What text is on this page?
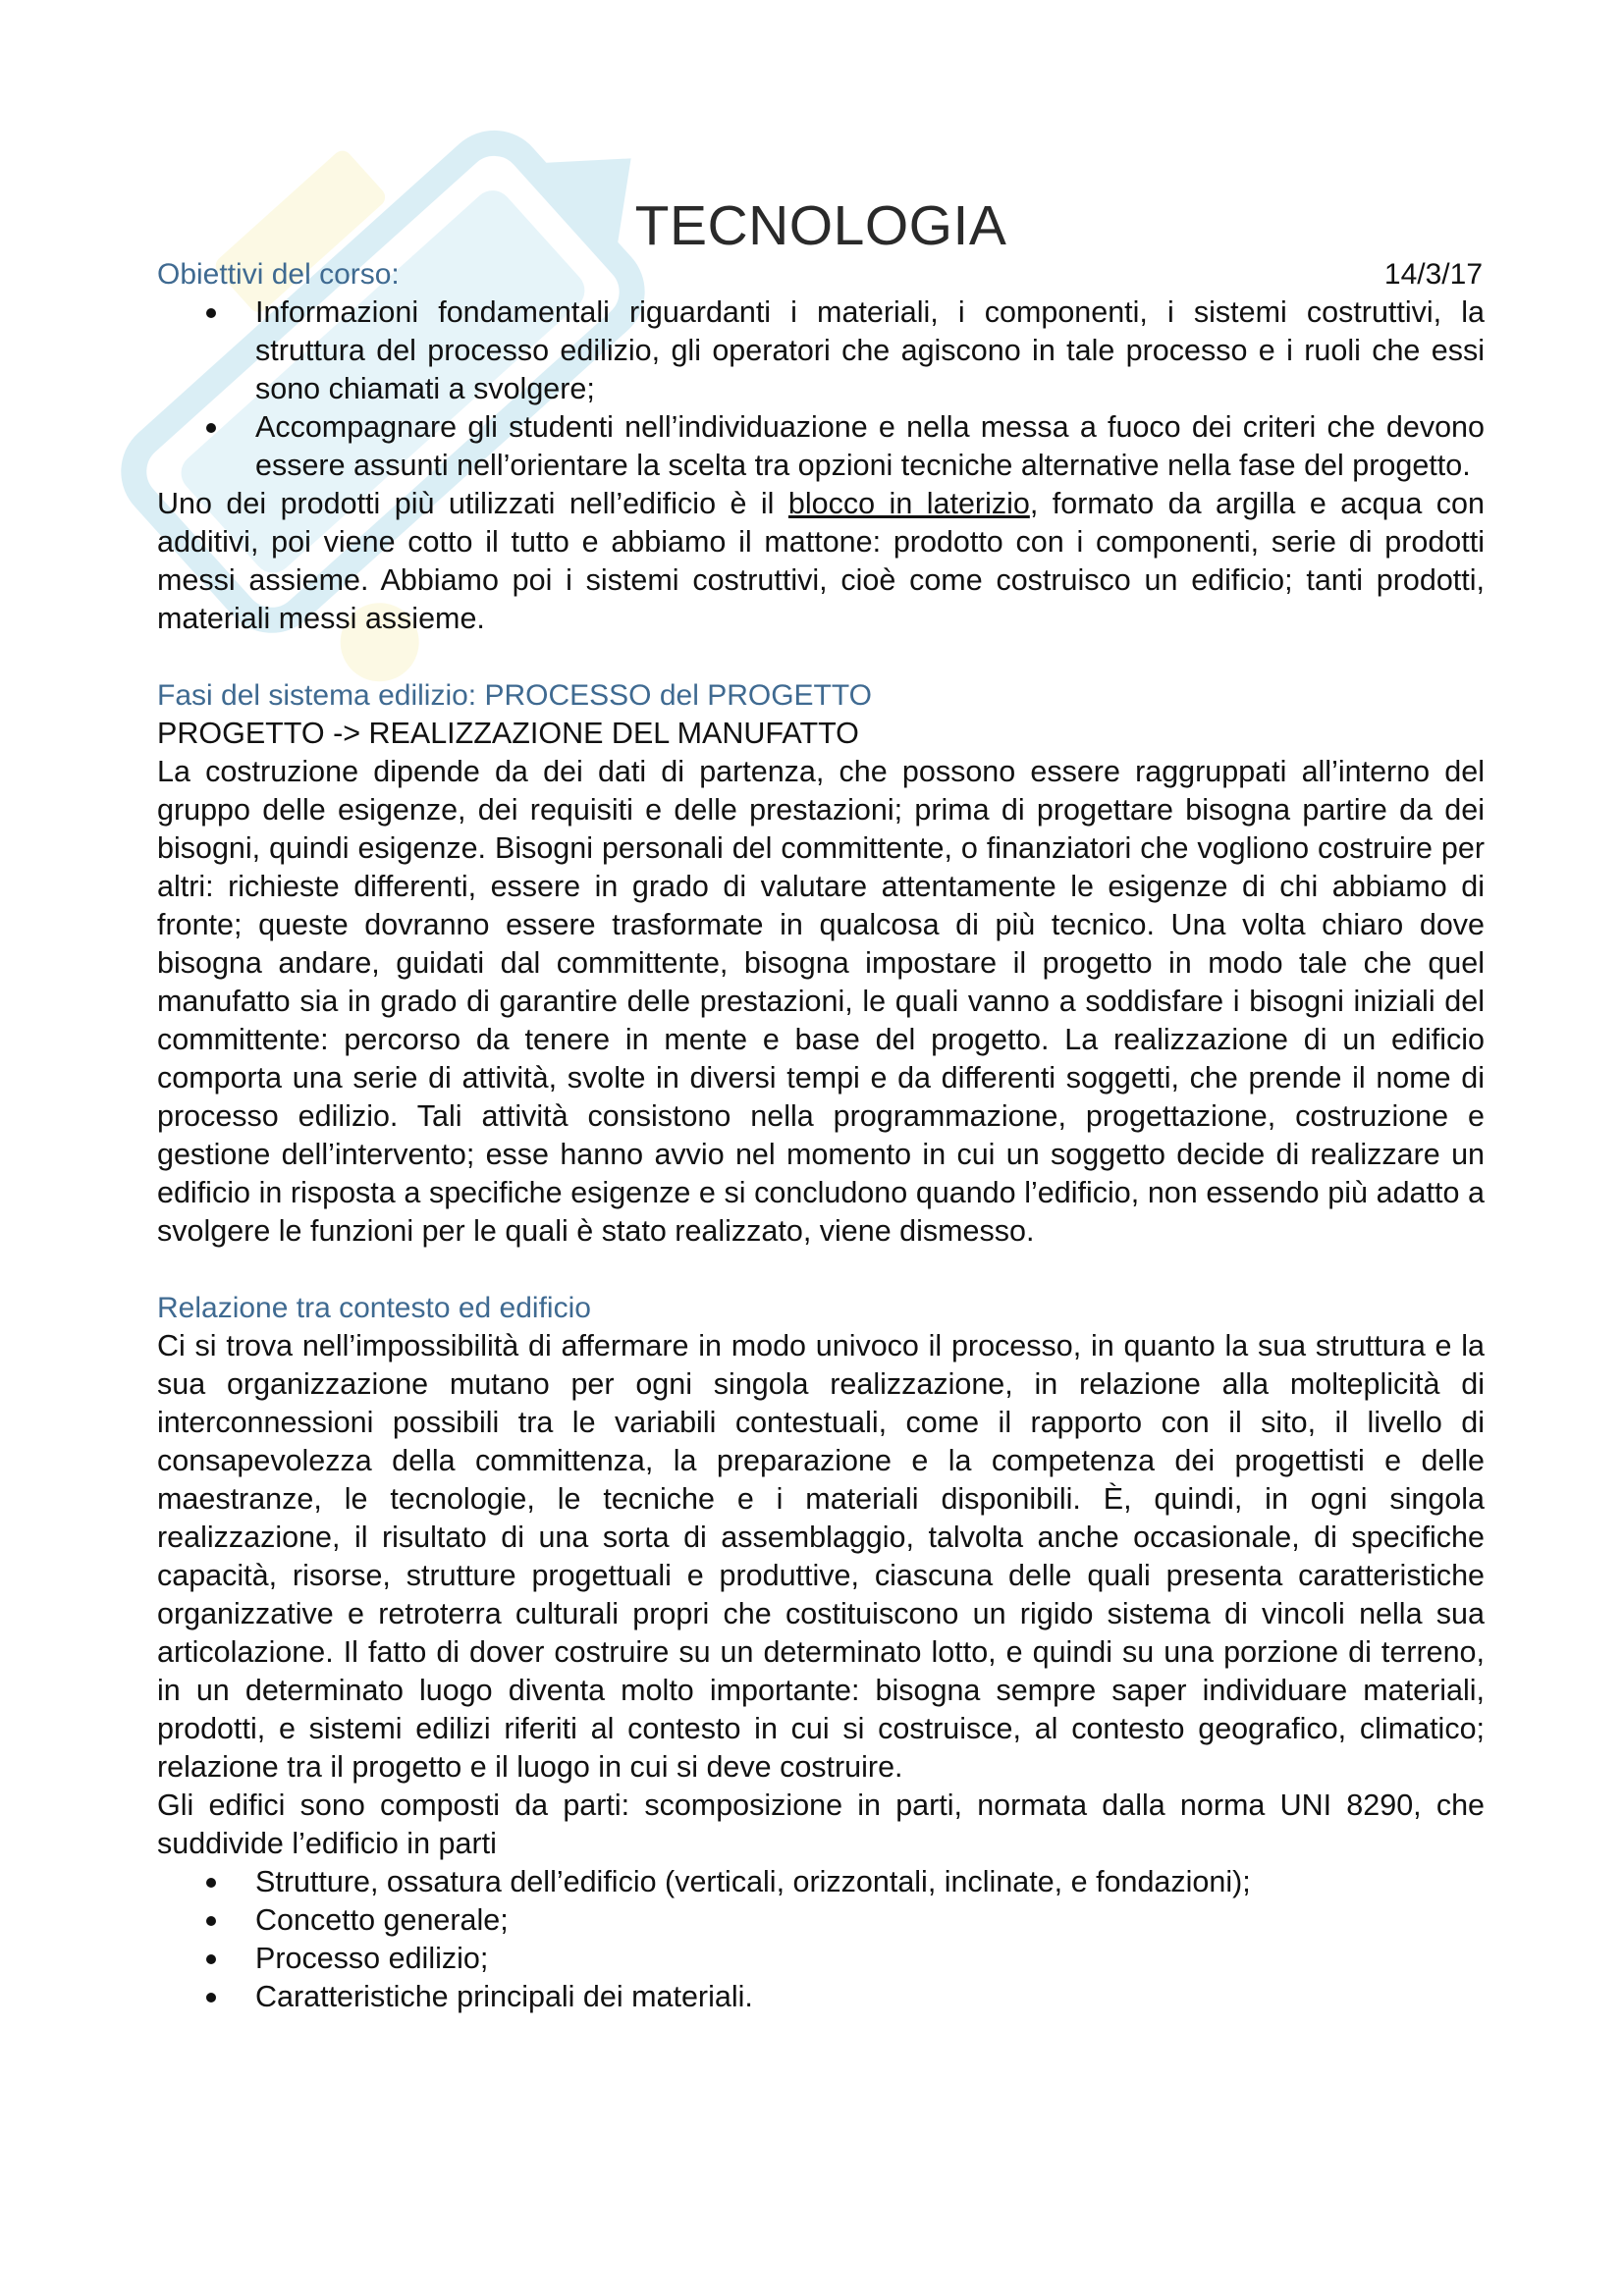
TECNOLOGIA

Obiettivi del corso:	14/3/17
Informazioni fondamentali riguardanti i materiali, i componenti, i sistemi costruttivi, la struttura del processo edilizio, gli operatori che agiscono in tale processo e i ruoli che essi sono chiamati a svolgere;
Accompagnare gli studenti nell’individuazione e nella messa a fuoco dei criteri che devono essere assunti nell’orientare la scelta tra opzioni tecniche alternative nella fase del progetto.

Uno dei prodotti più utilizzati nell’edificio è il blocco in laterizio, formato da argilla e acqua con additivi, poi viene cotto il tutto e abbiamo il mattone: prodotto con i componenti, serie di prodotti messi assieme. Abbiamo poi i sistemi costruttivi, cioè come costruisco un edificio; tanti prodotti, materiali messi assieme.

Fasi del sistema edilizio: PROCESSO del PROGETTO

PROGETTO -> REALIZZAZIONE DEL MANUFATTO

La costruzione dipende da dei dati di partenza, che possono essere raggruppati all’interno del gruppo delle esigenze, dei requisiti e delle prestazioni; prima di progettare bisogna partire da dei bisogni, quindi esigenze. Bisogni personali del committente, o finanziatori che vogliono costruire per altri: richieste differenti, essere in grado di valutare attentamente le esigenze di chi abbiamo di fronte; queste dovranno essere trasformate in qualcosa di più tecnico. Una volta chiaro dove bisogna andare, guidati dal committente, bisogna impostare il progetto in modo tale che quel manufatto sia in grado di garantire delle prestazioni, le quali vanno a soddisfare i bisogni iniziali del committente: percorso da tenere in mente e base del progetto. La realizzazione di un edificio comporta una serie di attività, svolte in diversi tempi e da differenti soggetti, che prende il nome di processo edilizio. Tali attività consistono nella programmazione, progettazione, costruzione e gestione dell’intervento; esse hanno avvio nel momento in cui un soggetto decide di realizzare un edificio in risposta a specifiche esigenze e si concludono quando l’edificio, non essendo più adatto a svolgere le funzioni per le quali è stato realizzato, viene dismesso.

Relazione tra contesto ed edificio

Ci si trova nell’impossibilità di affermare in modo univoco il processo, in quanto la sua struttura e la sua organizzazione mutano per ogni singola realizzazione, in relazione alla molteplicità di interconnessioni possibili tra le variabili contestuali, come il rapporto con il sito, il livello di consapevolezza della committenza, la preparazione e la competenza dei progettisti e delle maestranze, le tecnologie, le tecniche e i materiali disponibili. È, quindi, in ogni singola realizzazione, il risultato di una sorta di assemblaggio, talvolta anche occasionale, di specifiche capacità, risorse, strutture progettuali e produttive, ciascuna delle quali presenta caratteristiche organizzative e retroterra culturali propri che costituiscono un rigido sistema di vincoli nella sua articolazione. Il fatto di dover costruire su un determinato lotto, e quindi su una porzione di terreno, in un determinato luogo diventa molto importante: bisogna sempre saper individuare materiali, prodotti, e sistemi edilizi riferiti al contesto in cui si costruisce, al contesto geografico, climatico; relazione tra il progetto e il luogo in cui si deve costruire.

Gli edifici sono composti da parti: scomposizione in parti, normata dalla norma UNI 8290, che suddivide l’edificio in parti

Strutture, ossatura dell’edificio (verticali, orizzontali, inclinate, e fondazioni);
Concetto generale;
Processo edilizio;
Caratteristiche principali dei materiali.
